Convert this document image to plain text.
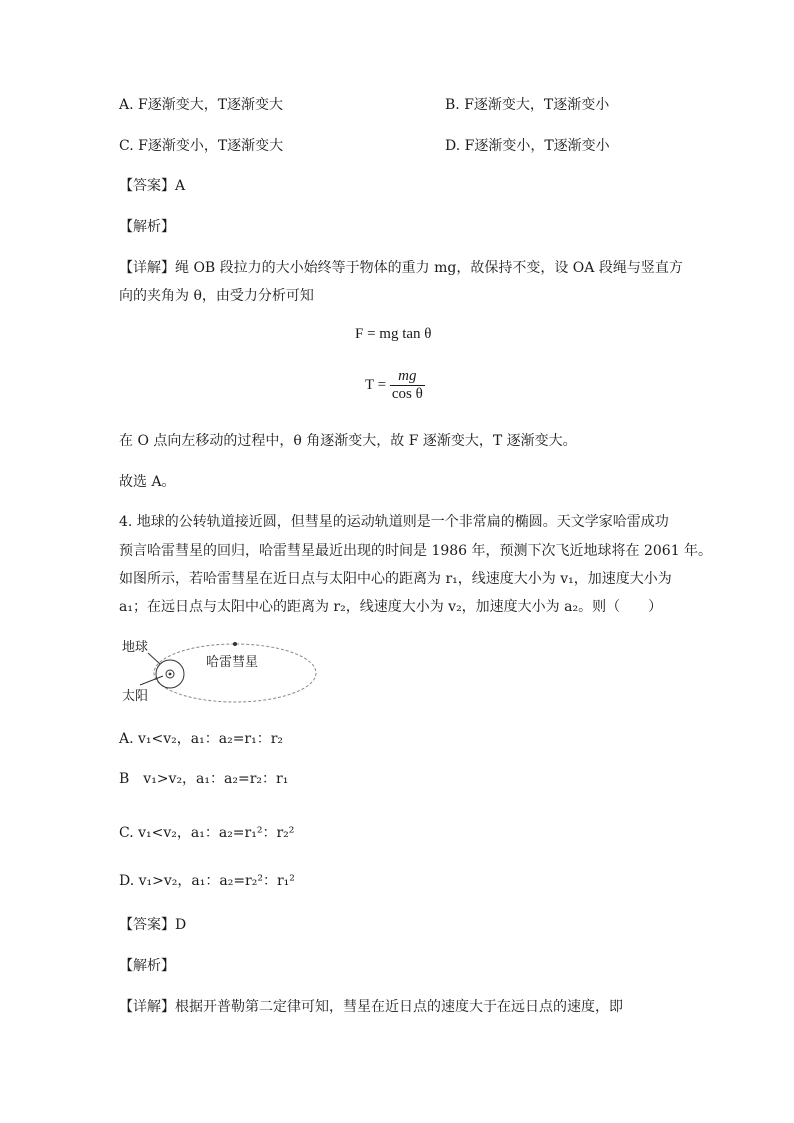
A. F逐渐变大，T逐渐变大	B. F逐渐变大，T逐渐变小
C. F逐渐变小，T逐渐变大	D. F逐渐变小，T逐渐变小
【答案】A
【解析】
【详解】绳 OB 段拉力的大小始终等于物体的重力 mg，故保持不变，设 OA 段绳与竖直方
向的夹角为 θ，由受力分析可知
F = mg tan θ
$T = \frac{mg}{\text{cos θ}}$
在 O 点向左移动的过程中，θ 角逐渐变大，故 F 逐渐变大，T 逐渐变大。
故选 A。
4. 地球的公转轨道接近圆，但彗星的运动轨道则是一个非常扁的椭圆。天文学家哈雷成功
预言哈雷彗星的回归，哈雷彗星最近出现的时间是 1986 年，预测下次飞近地球将在 2061 年。
如图所示，若哈雷彗星在近日点与太阳中心的距离为 r₁，线速度大小为 v₁，加速度大小为
a₁；在远日点与太阳中心的距离为 r₂，线速度大小为 v₂，加速度大小为 a₂。则（　　）
地球
哈雷彗星
太阳
A. v₁<v₂，a₁：a₂=r₁：r₂
B　v₁>v₂，a₁：a₂=r₂：r₁
C. v₁<v₂，a₁：a₂=r₁²：r₂²
D. v₁>v₂，a₁：a₂=r₂²：r₁²
【答案】D
【解析】
【详解】根据开普勒第二定律可知，彗星在近日点的速度大于在远日点的速度，即
